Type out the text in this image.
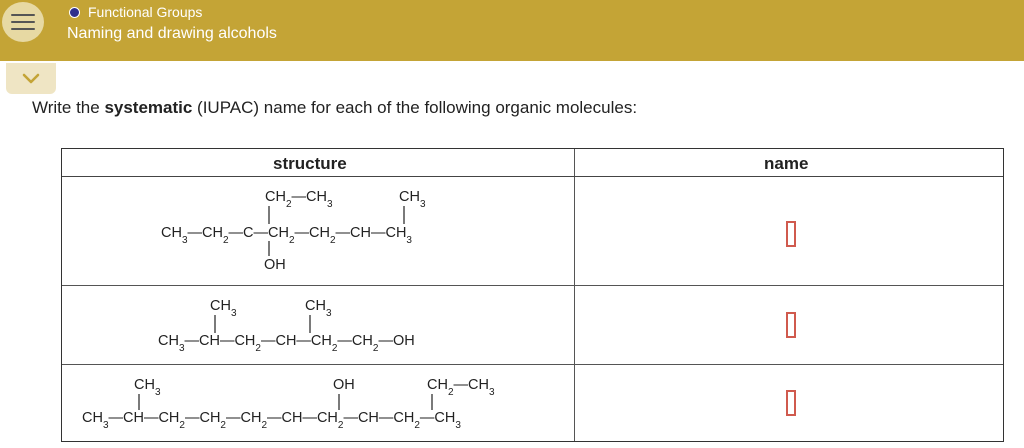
Functional Groups
Naming and drawing alcohols
Write the systematic (IUPAC) name for each of the following organic molecules:
structure	name
$CH_2—CH_3$	$CH_3$
$CH_3—CH_2—C—CH_2—CH_2—CH—CH_3$
OH
$CH_3$	$CH_3$
$CH_3—CH—CH_2—CH—CH_2—CH_2—OH$
$CH_3$	OH	$CH_2—CH_3$
$CH_3—CH—CH_2—CH_2—CH_2—CH—CH_2—CH—CH_2—CH_3$
